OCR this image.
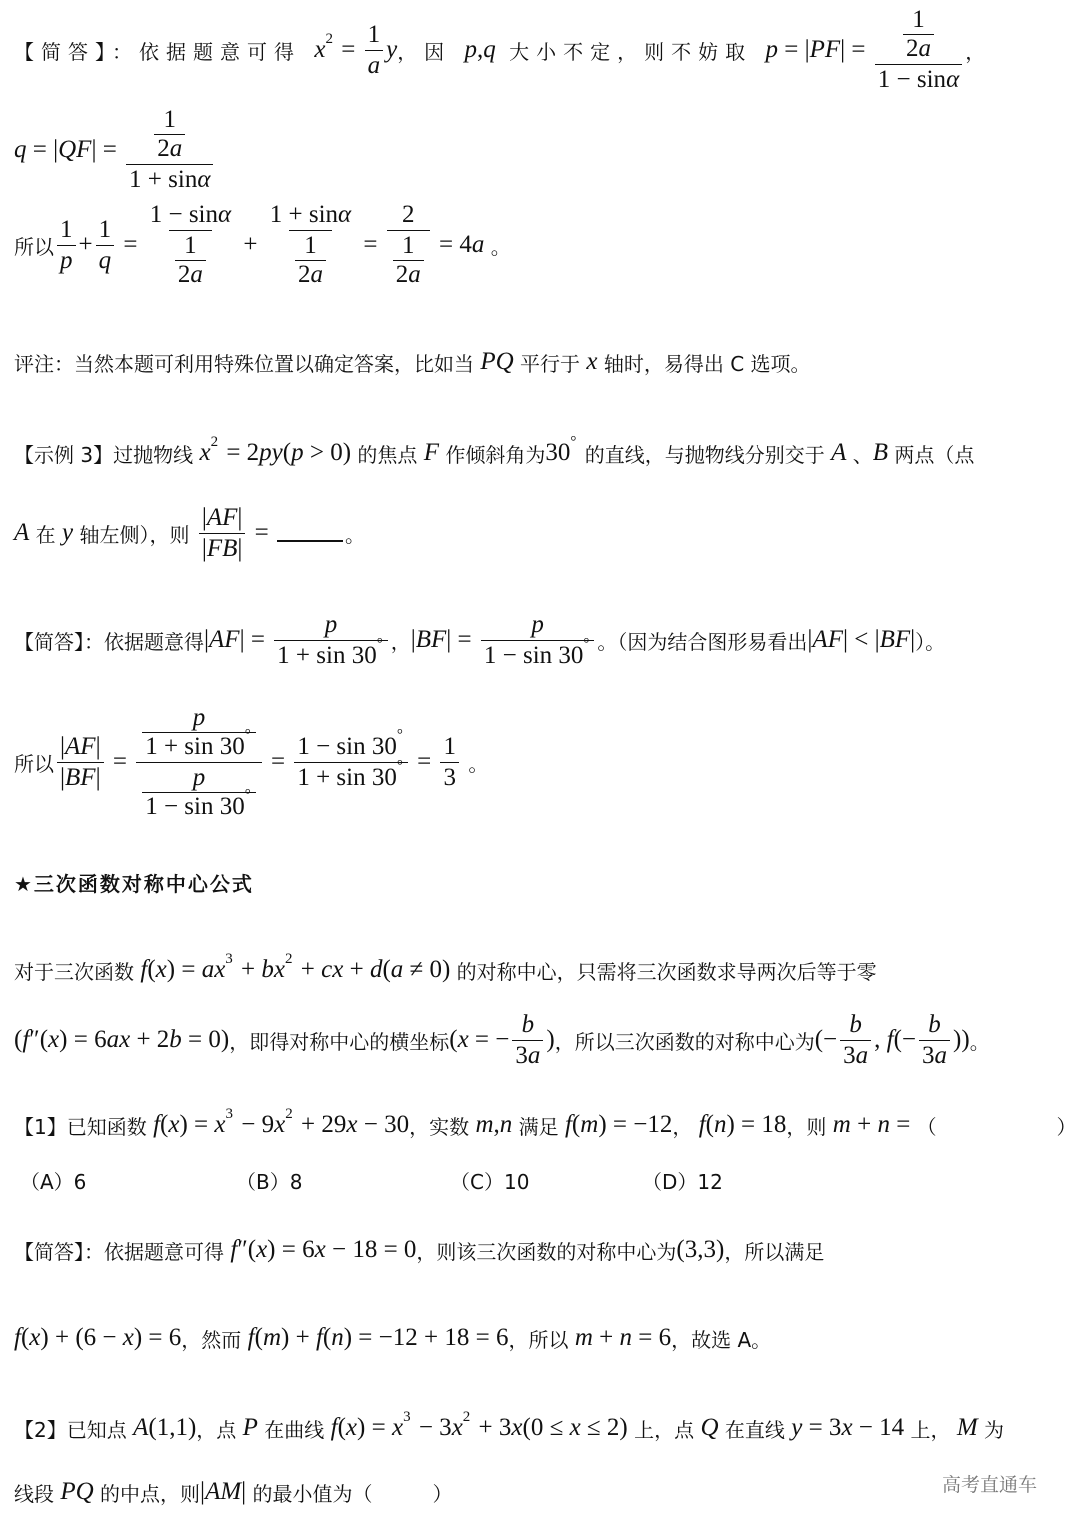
【简答】：依据题意可得 x $2 = \frac{1}{a}$ y ，因 p , q 大小不定，则不妨取 p = | PF | = $\frac{\frac{1}{2 a}}{\text{1 − sin α}}$ ，
q = | QF | = $\frac{\frac{1}{2 a}}{\text{1 + sin α}}$
所以 $\frac{1}{p} + \frac{1}{q} = \frac{\text{1 − sin α}}{\frac{1}{2 a}} + \frac{\text{1 + sin α}}{\frac{1}{2 a}} = \frac{2}{\frac{1}{2 a}} = 4$ a 。
评注：当然本题可利用特殊位置以确定答案，比如当 PQ 平行于 x 轴时，易得出 C 选项。
【示例 3】过抛物线 x 2 = 2 py ( p > 0) 的焦点 F 作倾斜角为 30 °
的直线，与抛物线分别交于 A 、 B 两点（点
A 在 y 轴左侧），则 $\frac{| AF |}{| FB |}$ =	。
【简答】：依据题意得 | AF | = $\frac{p}{1 + \sin 30 ^\circ}$ ， | BF | = $\frac{p}{1 - \sin 30 ^\circ}$ 。（因为结合图形易看出 | AF | < | BF | ）。
所以 $\frac{| AF |}{| BF |} = \frac{\frac{p}{1 + \sin 30 ^\circ}}{\frac{p}{1 - \sin 30 ^\circ}} = \frac{1 - \sin 30 ^\circ}{1 + \sin 30 ^\circ} = \frac{1}{3}$ 。
★三次函数对称中心公式
对于三次函数 f ( x ) = ax 3 + bx 2 + cx + d ( a ≠ 0) 的对称中心，只需将三次函数求导两次后等于零
( f ″( x ) = 6 ax + 2 b = 0) ，即得对称中心的横坐标 ( x = − $\frac{b}{3 a}$ ) ，所以三次函数的对称中心为 (− $\frac{b}{3 a}$ , f (− $\frac{b}{3 a}$ )) 。
【1】已知函数 f ( x ) = x 3 − 9 x 2 + 29 x − 30 ，实数 m , n 满足 f ( m ) = −12 ， f ( n ) = 18 ，则 m + n = （　　　　　　）
（A）6	（B）8	（C）10	（D）12
【简答】：依据题意可得 f ″( x ) = 6 x − 18 = 0 ，则该三次函数的对称中心为 (3,3) ，所以满足
f ( x ) + (6 − x ) = 6 ，然而 f ( m ) + f ( n ) = −12 + 18 = 6 ，所以 m + n = 6 ，故选 A。
【2】已知点 A (1,1) ，点 P 在曲线 f ( x ) = x 3 − 3 x 2 + 3 x (0 ≤ x ≤ 2) 上，点 Q 在直线 y = 3 x − 14 上， M 为
线段 PQ 的中点，则 | AM | 的最小值为（　　　）	高考直通车
